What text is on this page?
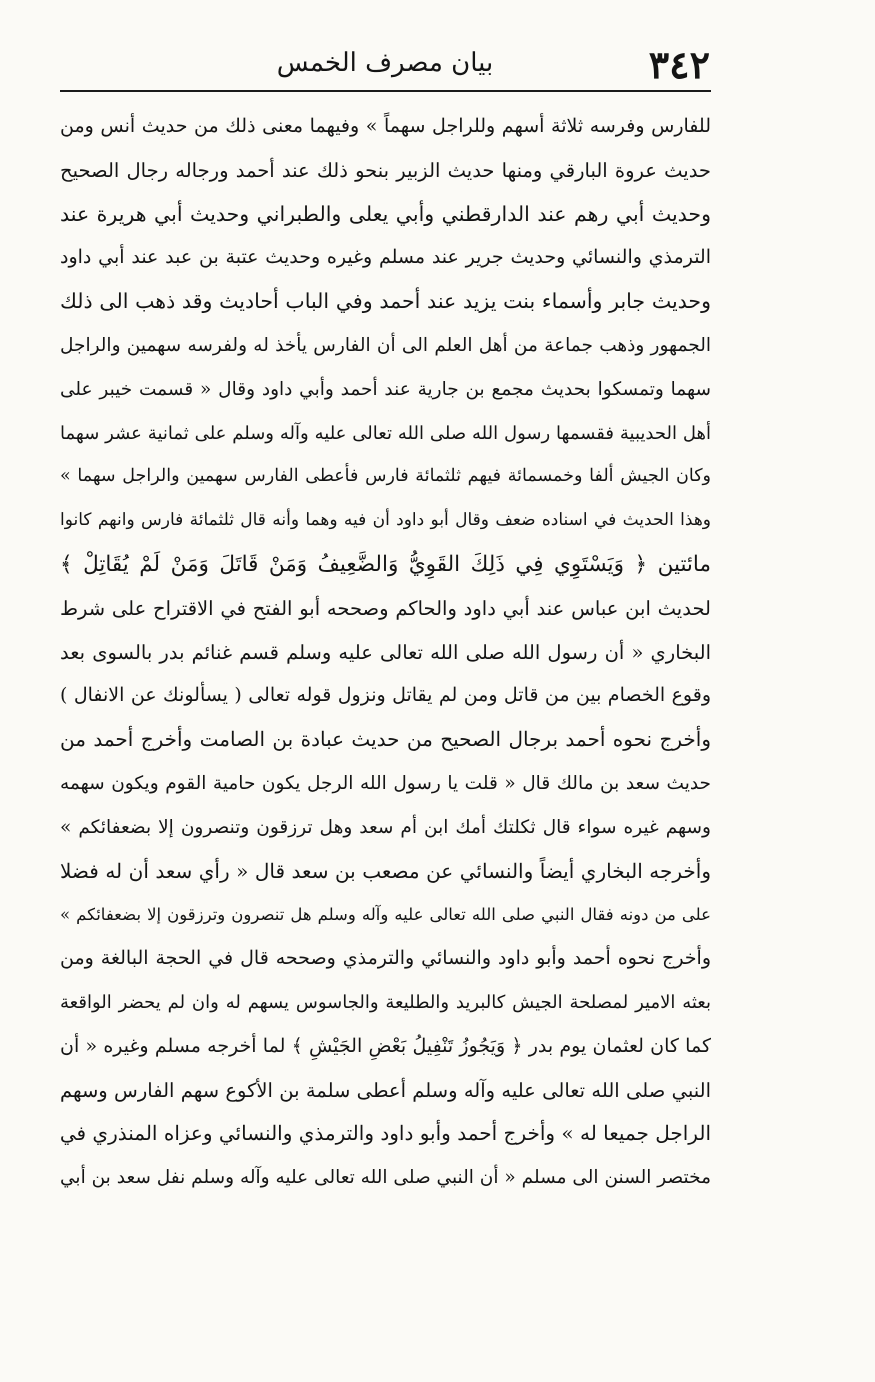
٣٤٢
بيان مصرف الخمس
للفارس وفرسه ثلاثة أسهم وللراجل سهماً » وفيهما معنى ذلك من حديث أنس ومن
حديث عروة البارقي ومنها حديث الزبير بنحو ذلك عند أحمد ورجاله رجال الصحيح
وحديث أبي رهم عند الدارقطني وأبي يعلى والطبراني وحديث أبي هريرة عند
الترمذي والنسائي وحديث جرير عند مسلم وغيره وحديث عتبة بن عبد عند أبي داود
وحديث جابر وأسماء بنت يزيد عند أحمد وفي الباب أحاديث وقد ذهب الى ذلك
الجمهور وذهب جماعة من أهل العلم الى أن الفارس يأخذ له ولفرسه سهمين والراجل
سهما وتمسكوا بحديث مجمع بن جارية عند أحمد وأبي داود وقال « قسمت خيبر على
أهل الحديبية فقسمها رسول الله صلى الله تعالى عليه وآله وسلم على ثمانية عشر سهما
وكان الجيش ألفا وخمسمائة فيهم ثلثمائة فارس فأعطى الفارس سهمين والراجل سهما »
وهذا الحديث في اسناده ضعف وقال أبو داود أن فيه وهما وأنه قال ثلثمائة فارس وانهم كانوا
مائتين ﴿ وَيَسْتَوِي فِي ذَلِكَ القَوِيُّ وَالضَّعِيفُ وَمَنْ قَاتَلَ وَمَنْ لَمْ يُقَاتِلْ ﴾
لحديث ابن عباس عند أبي داود والحاكم وصححه أبو الفتح في الاقتراح على شرط
البخاري « أن رسول الله صلى الله تعالى عليه وسلم قسم غنائم بدر بالسوى بعد
وقوع الخصام بين من قاتل ومن لم يقاتل ونزول قوله تعالى ( يسألونك عن الانفال )
وأخرج نحوه أحمد برجال الصحيح من حديث عبادة بن الصامت وأخرج أحمد من
حديث سعد بن مالك قال « قلت يا رسول الله الرجل يكون حامية القوم ويكون سهمه
وسهم غيره سواء قال ثكلتك أمك ابن أم سعد وهل ترزقون وتنصرون إلا بضعفائكم »
وأخرجه البخاري أيضاً والنسائي عن مصعب بن سعد قال « رأي سعد أن له فضلا
على من دونه فقال النبي صلى الله تعالى عليه وآله وسلم هل تنصرون وترزقون إلا بضعفائكم »
وأخرج نحوه أحمد وأبو داود والنسائي والترمذي وصححه قال في الحجة البالغة ومن
بعثه الامير لمصلحة الجيش كالبريد والطليعة والجاسوس يسهم له وان لم يحضر الواقعة
كما كان لعثمان يوم بدر ﴿ وَيَجُوزُ تَنْفِيلُ بَعْضِ الجَيْشِ ﴾ لما أخرجه مسلم وغيره « أن
النبي صلى الله تعالى عليه وآله وسلم أعطى سلمة بن الأكوع سهم الفارس وسهم
الراجل جميعا له » وأخرج أحمد وأبو داود والترمذي والنسائي وعزاه المنذري في
مختصر السنن الى مسلم « أن النبي صلى الله تعالى عليه وآله وسلم نفل سعد بن أبي
